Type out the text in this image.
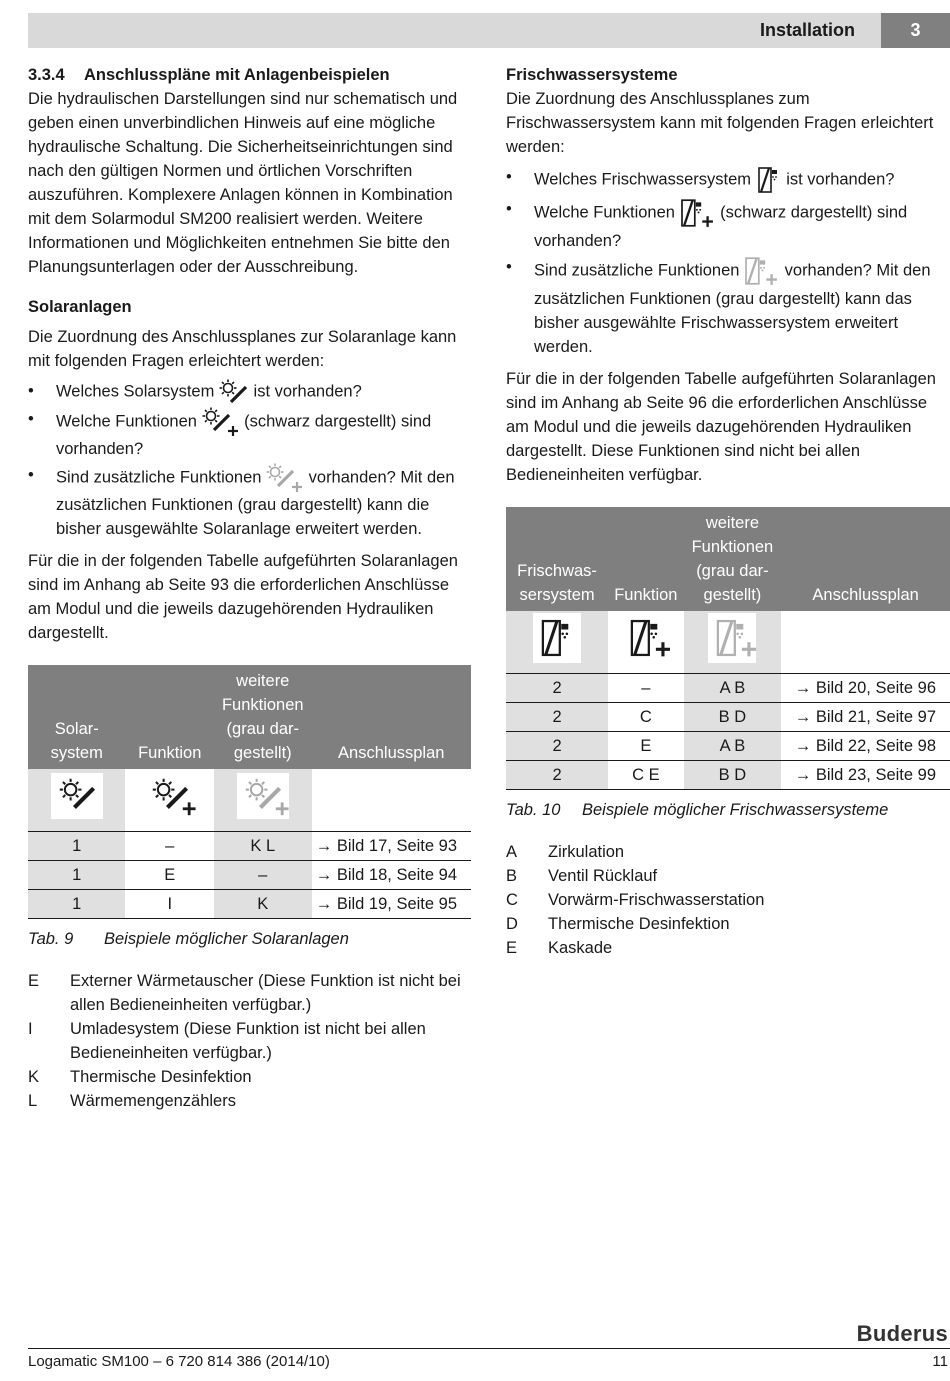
Installation	3
3.3.4 Anschlusspläne mit Anlagenbeispielen

Die hydraulischen Darstellungen sind nur schematisch und geben einen unverbindlichen Hinweis auf eine mögliche hydraulische Schaltung. Die Sicherheitseinrichtungen sind nach den gültigen Normen und örtlichen Vorschriften auszuführen. Komplexere Anlagen können in Kombination mit dem Solarmodul SM200 realisiert werden. Weitere Informationen und Möglichkeiten entnehmen Sie bitte den Planungsunterlagen oder der Ausschreibung.

Solaranlagen

Die Zuordnung des Anschlussplanes zur Solaranlage kann mit folgenden Fragen erleichtert werden:

• Welches Solarsystem ist vorhanden?
• Welche Funktionen	(schwarz dargestellt) sind vorhanden?
• Sind zusätzliche Funktionen	vorhanden? Mit den zusätzlichen Funktionen (grau dargestellt) kann die bisher ausgewählte Solaranlage erweitert werden.

Für die in der folgenden Tabelle aufgeführten Solaranlagen sind im Anhang ab Seite 93 die erforderlichen Anschlüsse am Modul und die jeweils dazugehörenden Hydrauliken dargestellt.

Solar-system	Funktion	weitere Funktionen (grau dar-gestellt)	Anschlussplan

1	–	K L	→ Bild 17, Seite 93
1	E	–	→ Bild 18, Seite 94
1	I	K	→ Bild 19, Seite 95

Tab. 9 Beispiele möglicher Solaranlagen

E	Externer Wärmetauscher (Diese Funktion ist nicht bei allen Bedieneinheiten verfügbar.)
I	Umladesystem (Diese Funktion ist nicht bei allen Bedieneinheiten verfügbar.)
K	Thermische Desinfektion
L	Wärmemengenzählers

Frischwassersysteme

Die Zuordnung des Anschlussplanes zum Frischwassersystem kann mit folgenden Fragen erleichtert werden:

• Welches Frischwassersystem ist vorhanden?
• Welche Funktionen	(schwarz dargestellt) sind vorhanden?
• Sind zusätzliche Funktionen	vorhanden? Mit den zusätzlichen Funktionen (grau dargestellt) kann das bisher ausgewählte Frischwassersystem erweitert werden.

Für die in der folgenden Tabelle aufgeführten Solaranlagen sind im Anhang ab Seite 96 die erforderlichen Anschlüsse am Modul und die jeweils dazugehörenden Hydrauliken dargestellt. Diese Funktionen sind nicht bei allen Bedieneinheiten verfügbar.

Frischwas-sersystem	Funktion	weitere Funktionen (grau dar-gestellt)	Anschlussplan

2	–	A B	→ Bild 20, Seite 96
2	C	B D	→ Bild 21, Seite 97
2	E	A B	→ Bild 22, Seite 98
2	C E	B D	→ Bild 23, Seite 99

Tab. 10 Beispiele möglicher Frischwassersysteme

A	Zirkulation
B	Ventil Rücklauf
C	Vorwärm-Frischwasserstation
D	Thermische Desinfektion
E	Kaskade
Buderus
Logamatic SM100 – 6 720 814 386 (2014/10)	11
